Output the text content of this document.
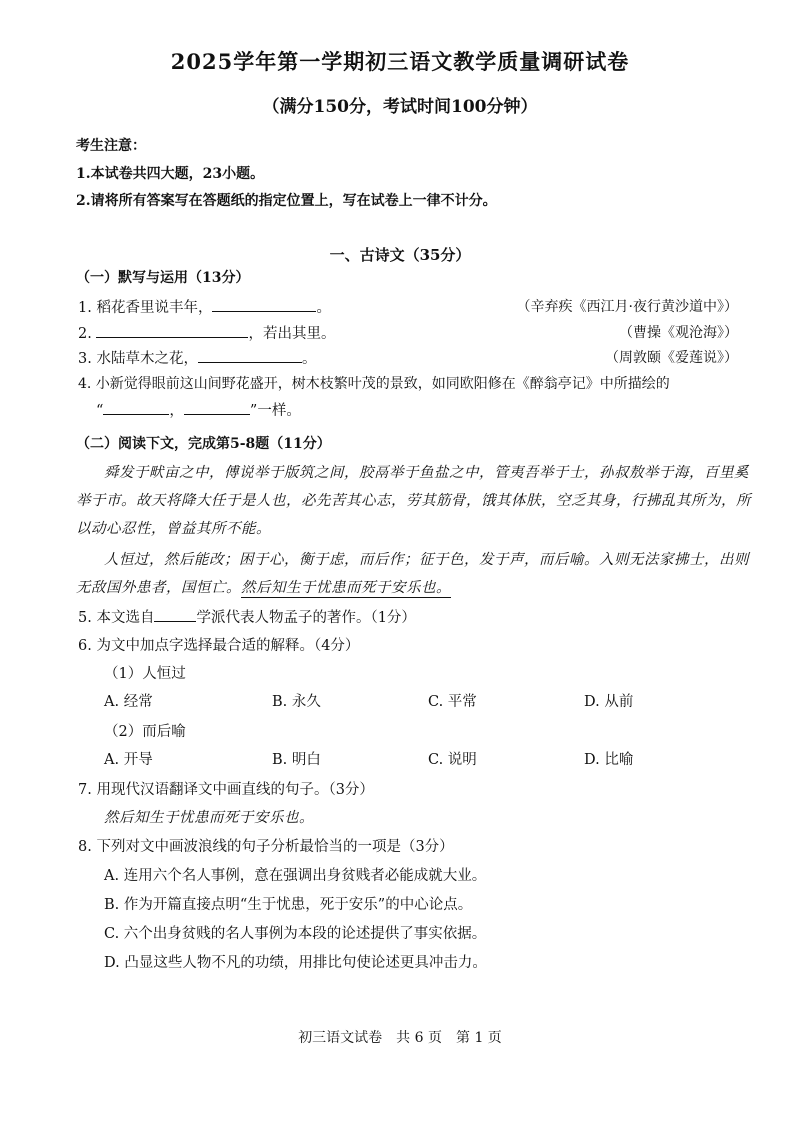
2025学年第一学期初三语文教学质量调研试卷
（满分150分，考试时间100分钟）
考生注意：
1.本试卷共四大题，23小题。
2.请将所有答案写在答题纸的指定位置上，写在试卷上一律不计分。
一、古诗文（35分）
（一）默写与运用（13分）
1. 稻花香里说丰年，	。	（辛弃疾《西江月·夜行黄沙道中》）
2.	，若出其里。	（曹操《观沧海》）
3. 水陆草木之花，	。	（周敦颐《爱莲说》）
4. 小新觉得眼前这山间野花盛开，树木枝繁叶茂的景致，如同欧阳修在《醉翁亭记》中所描绘的
“	，	”一样。
（二）阅读下文，完成第5-8题（11分）
舜发于畎亩之中，傅说举于版筑之间，胶鬲举于鱼盐之中，管夷吾举于士，孙叔敖举于海，百里奚
举于市。故天将降大任于是人也，必先苦其心志，劳其筋骨，饿其体肤，空乏其身，行拂乱其所为，所
以动心忍性，曾益其所不能。
人恒过，然后能改；困于心，衡于虑，而后作；征于色，发于声，而后喻。入则无法家拂士，出则
无敌国外患者，国恒亡。然后知生于忧患而死于安乐也。
5. 本文选自	学派代表人物孟子的著作。（1分）
6. 为文中加点字选择最合适的解释。（4分）
（1）人恒过
A. 经常	B. 永久	C. 平常	D. 从前
（2）而后喻
A. 开导	B. 明白	C. 说明	D. 比喻
7. 用现代汉语翻译文中画直线的句子。（3分）
然后知生于忧患而死于安乐也。
8. 下列对文中画波浪线的句子分析最恰当的一项是（3分）
A. 连用六个名人事例，意在强调出身贫贱者必能成就大业。
B. 作为开篇直接点明“生于忧患，死于安乐”的中心论点。
C. 六个出身贫贱的名人事例为本段的论述提供了事实依据。
D. 凸显这些人物不凡的功绩，用排比句使论述更具冲击力。
初三语文试卷　共 6 页　第 1 页
